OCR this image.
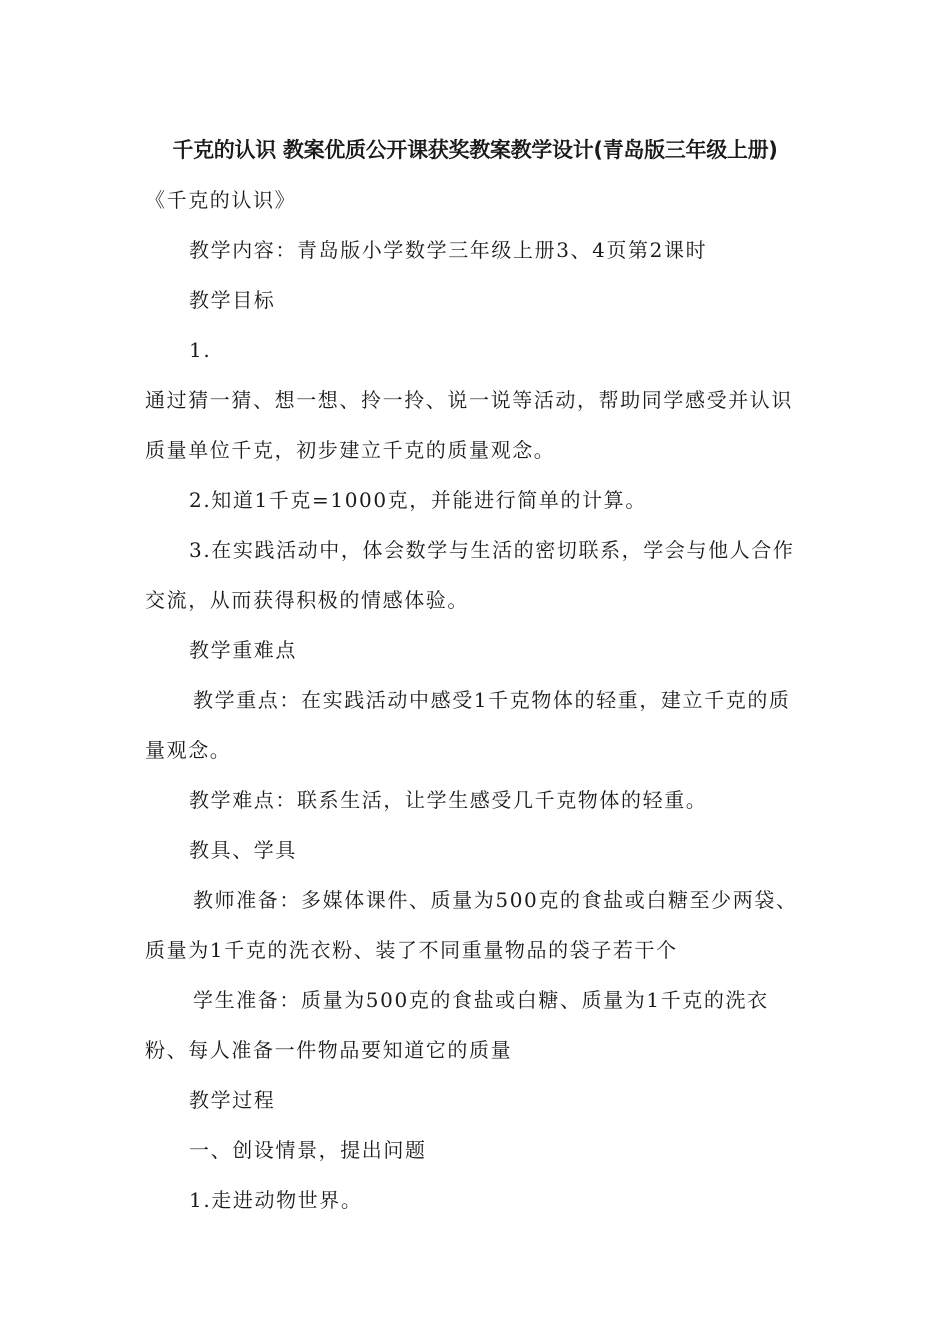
千克的认识 教案优质公开课获奖教案教学设计(青岛版三年级上册)

《千克的认识》

教学内容：青岛版小学数学三年级上册3、4页第2课时

教学目标

1.

通过猜一猜、想一想、拎一拎、说一说等活动，帮助同学感受并认识质量单位千克，初步建立千克的质量观念。

2.知道1千克=1000克，并能进行简单的计算。

3.在实践活动中，体会数学与生活的密切联系，学会与他人合作交流，从而获得积极的情感体验。

教学重难点

教学重点：在实践活动中感受1千克物体的轻重，建立千克的质量观念。

教学难点：联系生活，让学生感受几千克物体的轻重。

教具、学具

教师准备：多媒体课件、质量为500克的食盐或白糖至少两袋、质量为1千克的洗衣粉、装了不同重量物品的袋子若干个

学生准备：质量为500克的食盐或白糖、质量为1千克的洗衣粉、每人准备一件物品要知道它的质量

教学过程

一、创设情景，提出问题

1.走进动物世界。
